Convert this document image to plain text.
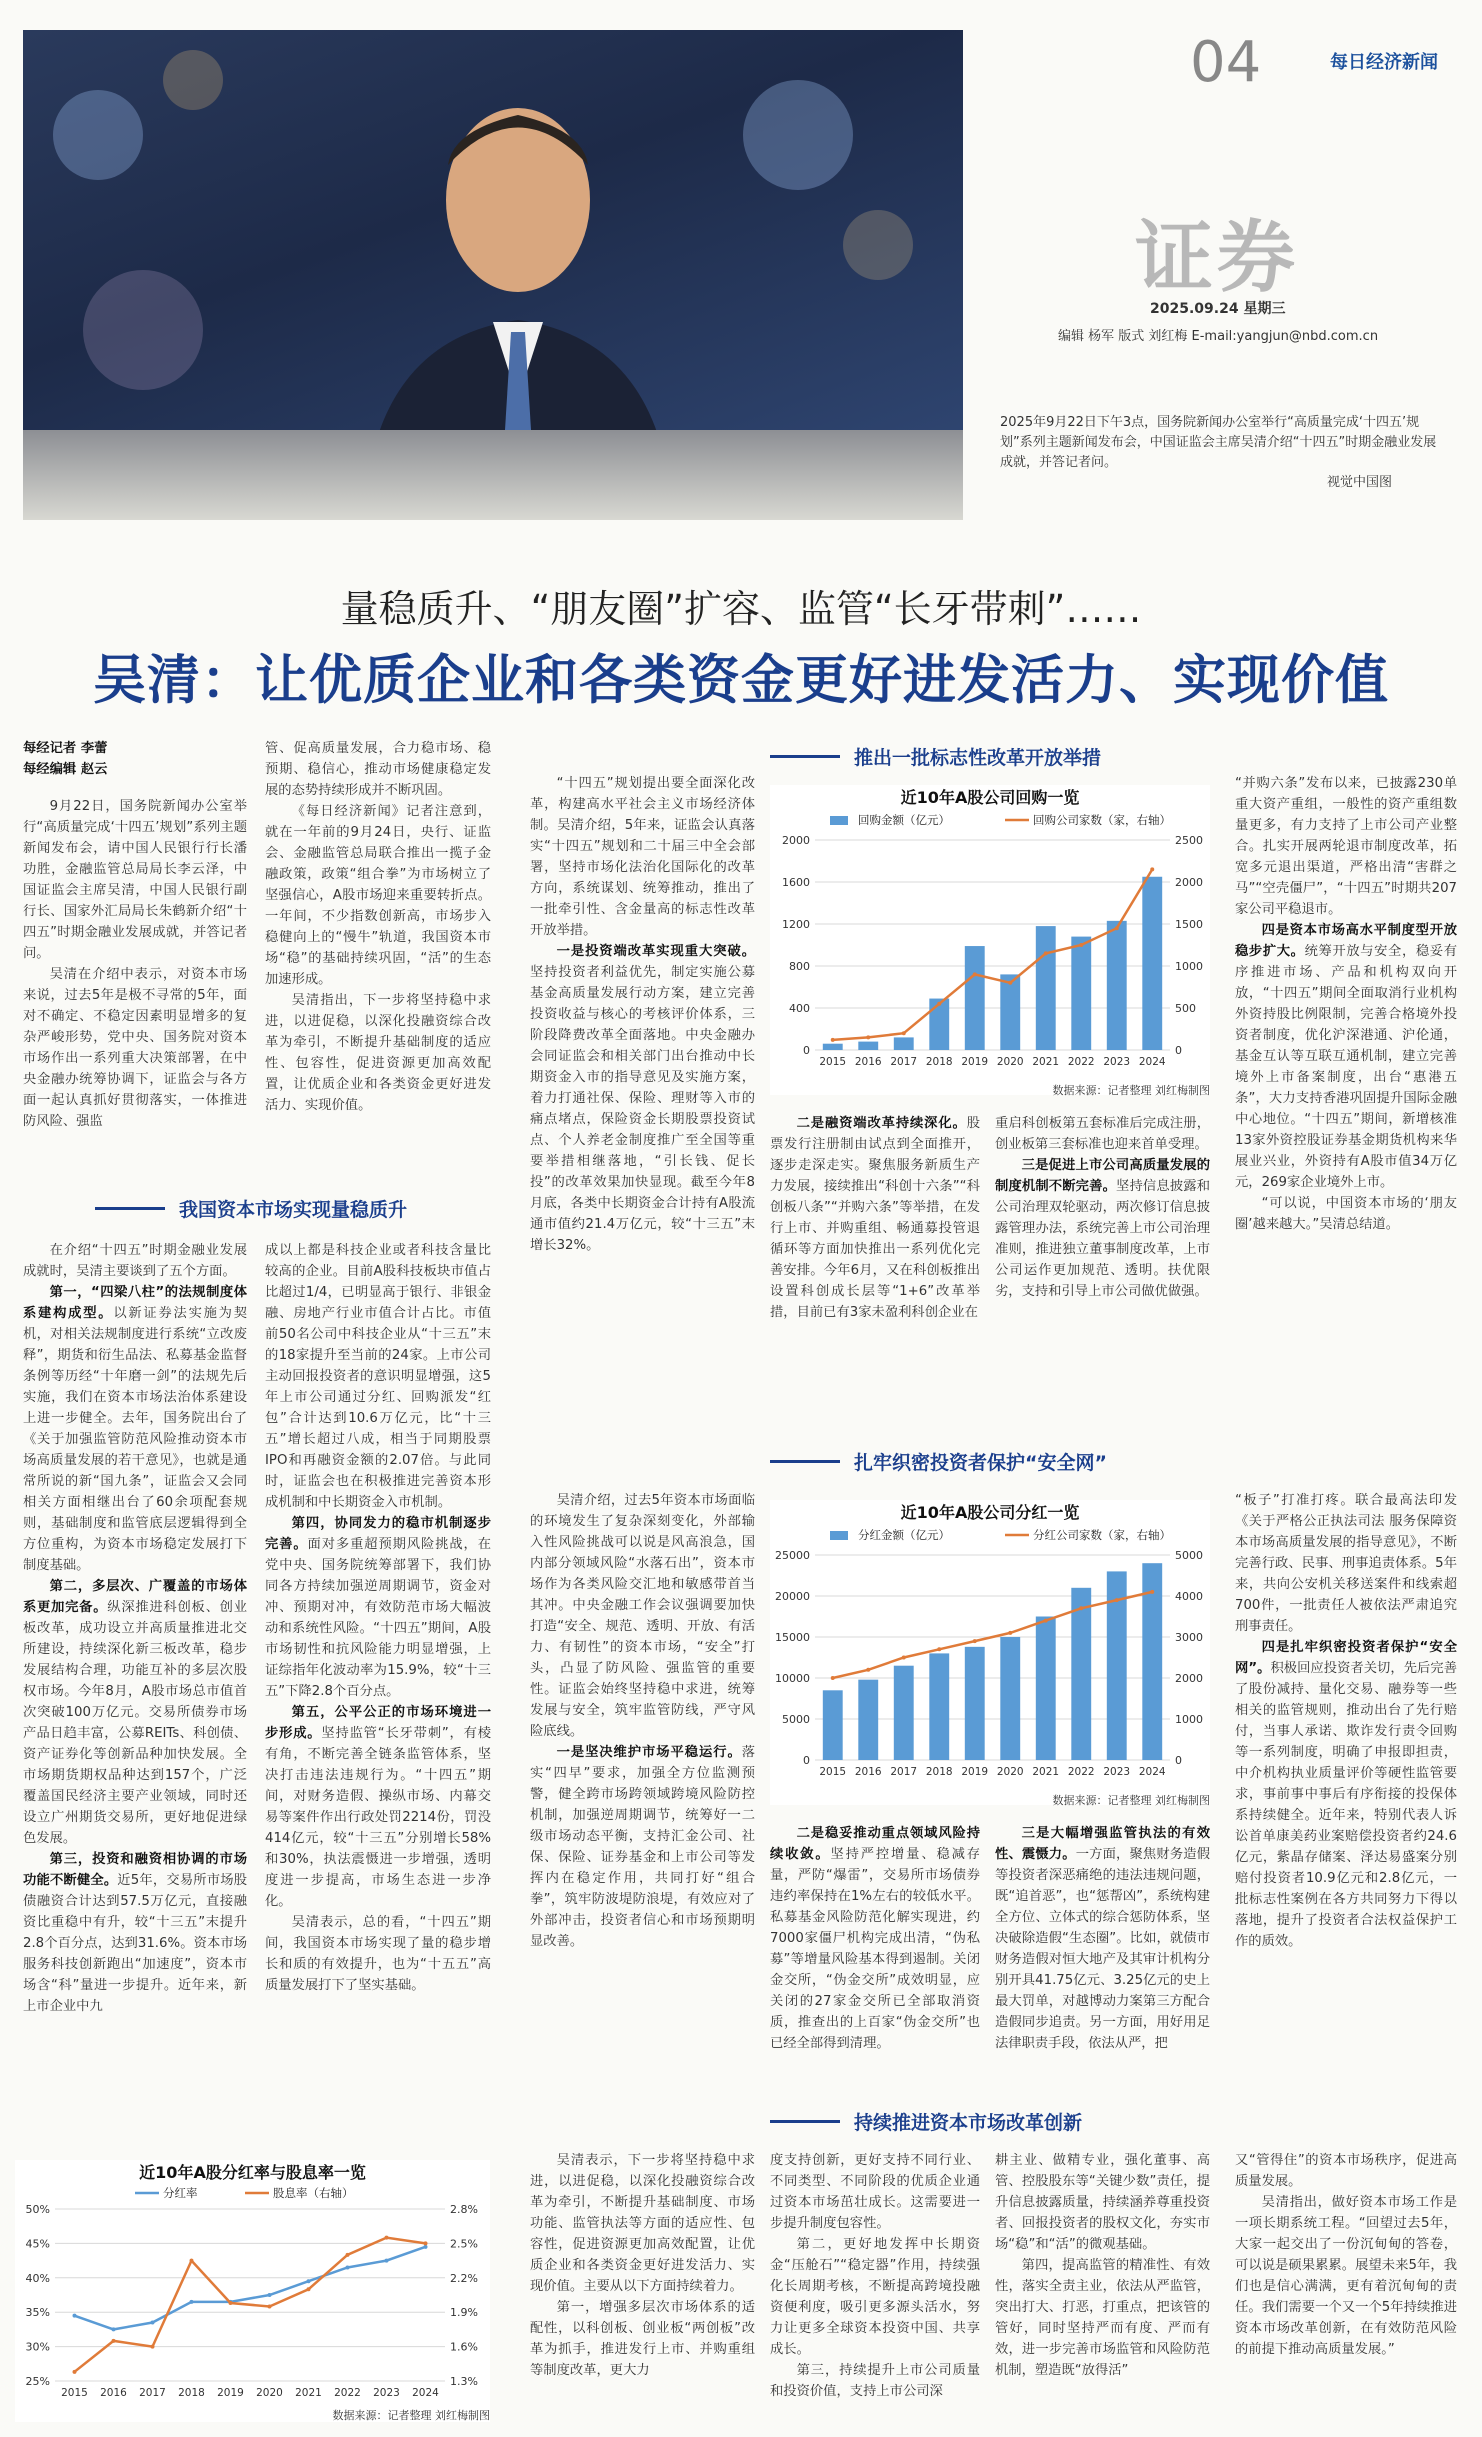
04	每日经济新闻
证券
2025.09.24 星期三
编辑 杨军 版式 刘红梅 E-mail:yangjun@nbd.com.cn
2025年9月22日下午3点，国务院新闻办公室举行“高质量完成‘十四五’规划”系列主题新闻发布会，中国证监会主席吴清介绍“十四五”时期金融业发展成就，并答记者问。
视觉中国图
量稳质升、“朋友圈”扩容、监管“长牙带刺”……
吴清：让优质企业和各类资金更好进发活力、实现价值

每经记者 李蕾

每经编辑 赵云

9月22日，国务院新闻办公室举行“高质量完成‘十四五’规划”系列主题新闻发布会，请中国人民银行行长潘功胜，金融监管总局局长李云泽，中国证监会主席吴清，中国人民银行副行长、国家外汇局局长朱鹤新介绍“十四五”时期金融业发展成就，并答记者问。

吴清在介绍中表示，对资本市场来说，过去5年是极不寻常的5年，面对不确定、不稳定因素明显增多的复杂严峻形势，党中央、国务院对资本市场作出一系列重大决策部署，在中央金融办统筹协调下，证监会与各方面一起认真抓好贯彻落实，一体推进防风险、强监

管、促高质量发展，合力稳市场、稳预期、稳信心，推动市场健康稳定发展的态势持续形成并不断巩固。

《每日经济新闻》记者注意到，就在一年前的9月24日，央行、证监会、金融监管总局联合推出一揽子金融政策，政策“组合拳”为市场树立了坚强信心，A股市场迎来重要转折点。一年间，不少指数创新高，市场步入稳健向上的“慢牛”轨道，我国资本市场“稳”的基础持续巩固，“活”的生态加速形成。

吴清指出，下一步将坚持稳中求进，以进促稳，以深化投融资综合改革为牵引，不断提升基础制度的适应性、包容性，促进资源更加高效配置，让优质企业和各类资金更好进发活力、实现价值。

我国资本市场实现量稳质升

在介绍“十四五”时期金融业发展成就时，吴清主要谈到了五个方面。

第一，“四梁八柱”的法规制度体系建构成型。以新证券法实施为契机，对相关法规制度进行系统“立改废释”，期货和衍生品法、私募基金监督条例等历经“十年磨一剑”的法规先后实施，我们在资本市场法治体系建设上进一步健全。去年，国务院出台了《关于加强监管防范风险推动资本市场高质量发展的若干意见》，也就是通常所说的新“国九条”，证监会又会同相关方面相继出台了60余项配套规则，基础制度和监管底层逻辑得到全方位重构，为资本市场稳定发展打下制度基础。

第二，多层次、广覆盖的市场体系更加完备。纵深推进科创板、创业板改革，成功设立并高质量推进北交所建设，持续深化新三板改革，稳步发展结构合理，功能互补的多层次股权市场。今年8月，A股市场总市值首次突破100万亿元。交易所债券市场产品日趋丰富，公募REITs、科创债、资产证券化等创新品种加快发展。全市场期货期权品种达到157个，广泛覆盖国民经济主要产业领域，同时还设立广州期货交易所，更好地促进绿色发展。

第三，投资和融资相协调的市场功能不断健全。近5年，交易所市场股债融资合计达到57.5万亿元，直接融资比重稳中有升，较“十三五”末提升2.8个百分点，达到31.6%。资本市场服务科技创新跑出“加速度”，资本市场含“科”量进一步提升。近年来，新上市企业中九

成以上都是科技企业或者科技含量比较高的企业。目前A股科技板块市值占比超过1/4，已明显高于银行、非银金融、房地产行业市值合计占比。市值前50名公司中科技企业从“十三五”末的18家提升至当前的24家。上市公司主动回报投资者的意识明显增强，这5年上市公司通过分红、回购派发“红包”合计达到10.6万亿元，比“十三五”增长超过八成，相当于同期股票IPO和再融资金额的2.07倍。与此同时，证监会也在积极推进完善资本形成机制和中长期资金入市机制。

第四，协同发力的稳市机制逐步完善。面对多重超预期风险挑战，在党中央、国务院统筹部署下，我们协同各方持续加强逆周期调节，资金对冲、预期对冲，有效防范市场大幅波动和系统性风险。“十四五”期间，A股市场韧性和抗风险能力明显增强，上证综指年化波动率为15.9%，较“十三五”下降2.8个百分点。

第五，公平公正的市场环境进一步形成。坚持监管“长牙带刺”，有棱有角，不断完善全链条监管体系，坚决打击违法违规行为。“十四五”期间，对财务造假、操纵市场、内幕交易等案件作出行政处罚2214份，罚没414亿元，较“十三五”分别增长58%和30%，执法震慑进一步增强，透明度进一步提高，市场生态进一步净化。

吴清表示，总的看，“十四五”期间，我国资本市场实现了量的稳步增长和质的有效提升，也为“十五五”高质量发展打下了坚实基础。

近10年A股分红率与股息率一览
25%	1.3%
30%	1.6%
35%	1.9%
40%	2.2%
45%	2.5%
50%	2.8%
2015 2016 2017 2018 2019 2020 2021 2022 2023 2024
分红率	股息率（右轴）
数据来源：记者整理 刘红梅制图
推出一批标志性改革开放举措

“十四五”规划提出要全面深化改革，构建高水平社会主义市场经济体制。吴清介绍，5年来，证监会认真落实“十四五”规划和二十届三中全会部署，坚持市场化法治化国际化的改革方向，系统谋划、统筹推动，推出了一批牵引性、含金量高的标志性改革开放举措。

一是投资端改革实现重大突破。坚持投资者利益优先，制定实施公募基金高质量发展行动方案，建立完善投资收益与核心的考核评价体系，三阶段降费改革全面落地。中央金融办会同证监会和相关部门出台推动中长期资金入市的指导意见及实施方案，着力打通社保、保险、理财等入市的痛点堵点，保险资金长期股票投资试点、个人养老金制度推广至全国等重要举措相继落地，“引长钱、促长投”的改革效果加快显现。截至今年8月底，各类中长期资金合计持有A股流通市值约21.4万亿元，较“十三五”末增长32%。

近10年A股公司回购一览
0	0
400	500
800	1000
1200	1500
1600	2000
2000	2500
2015 2016 2017 2018 2019 2020 2021 2022 2023 2024
回购金额（亿元）	回购公司家数（家，右轴）
数据来源：记者整理 刘红梅制图

二是融资端改革持续深化。股票发行注册制由试点到全面推开，逐步走深走实。聚焦服务新质生产力发展，接续推出“科创十六条”“科创板八条”“并购六条”等举措，在发行上市、并购重组、畅通募投管退循环等方面加快推出一系列优化完善安排。今年6月，又在科创板推出设置科创成长层等“1+6”改革举措，目前已有3家未盈利科创企业在

重启科创板第五套标准后完成注册，创业板第三套标准也迎来首单受理。

三是促进上市公司高质量发展的制度机制不断完善。坚持信息披露和公司治理双轮驱动，两次修订信息披露管理办法，系统完善上市公司治理准则，推进独立董事制度改革，上市公司运作更加规范、透明。扶优限劣，支持和引导上市公司做优做强。

“并购六条”发布以来，已披露230单重大资产重组，一般性的资产重组数量更多，有力支持了上市公司产业整合。扎实开展两轮退市制度改革，拓宽多元退出渠道，严格出清“害群之马”“空壳僵尸”，“十四五”时期共207家公司平稳退市。

四是资本市场高水平制度型开放稳步扩大。统筹开放与安全，稳妥有序推进市场、产品和机构双向开放，“十四五”期间全面取消行业机构外资持股比例限制，完善合格境外投资者制度，优化沪深港通、沪伦通，基金互认等互联互通机制，建立完善境外上市备案制度，出台“惠港五条”，大力支持香港巩固提升国际金融中心地位。“十四五”期间，新增核准13家外资控股证券基金期货机构来华展业兴业，外资持有A股市值34万亿元，269家企业境外上市。

“可以说，中国资本市场的‘朋友圈’越来越大。”吴清总结道。

扎牢织密投资者保护“安全网”

吴清介绍，过去5年资本市场面临的环境发生了复杂深刻变化，外部输入性风险挑战可以说是风高浪急，国内部分领域风险“水落石出”，资本市场作为各类风险交汇地和敏感带首当其冲。中央金融工作会议强调要加快打造“安全、规范、透明、开放、有活力、有韧性”的资本市场，“安全”打头，凸显了防风险、强监管的重要性。证监会始终坚持稳中求进，统筹发展与安全，筑牢监管防线，严守风险底线。

一是坚决维护市场平稳运行。落实“四早”要求，加强全方位监测预警，健全跨市场跨领域跨境风险防控机制，加强逆周期调节，统筹好一二级市场动态平衡，支持汇金公司、社保、保险、证券基金和上市公司等发挥内在稳定作用，共同打好“组合拳”，筑牢防波堤防浪堤，有效应对了外部冲击，投资者信心和市场预期明显改善。

近10年A股公司分红一览
0	0
5000	1000
10000	2000
15000	3000
20000	4000
25000	5000
2015 2016 2017 2018 2019 2020 2021 2022 2023 2024
分红金额（亿元）	分红公司家数（家，右轴）
数据来源：记者整理 刘红梅制图

二是稳妥推动重点领域风险持续收敛。坚持严控增量、稳减存量，严防“爆雷”，交易所市场债券违约率保持在1%左右的较低水平。私募基金风险防范化解实现进，约7000家僵尸机构完成出清，“伪私募”等增量风险基本得到遏制。关闭金交所，“伪金交所”成效明显，应关闭的27家金交所已全部取消资质，推查出的上百家“伪金交所”也已经全部得到清理。

三是大幅增强监管执法的有效性、震慑力。一方面，聚焦财务造假等投资者深恶痛绝的违法违规问题，既“追首恶”，也“惩帮凶”，系统构建全方位、立体式的综合惩防体系，坚决破除造假“生态圈”。比如，就债市财务造假对恒大地产及其审计机构分别开具41.75亿元、3.25亿元的史上最大罚单，对越博动力案第三方配合造假同步追责。另一方面，用好用足法律职责手段，依法从严，把

“板子”打准打疼。联合最高法印发《关于严格公正执法司法 服务保障资本市场高质量发展的指导意见》，不断完善行政、民事、刑事追责体系。5年来，共向公安机关移送案件和线索超700件，一批责任人被依法严肃追究刑事责任。

四是扎牢织密投资者保护“安全网”。积极回应投资者关切，先后完善了股份减持、量化交易、融券等一些相关的监管规则，推动出台了先行赔付，当事人承诺、欺诈发行责令回购等一系列制度，明确了申报即担责，中介机构执业质量评价等硬性监管要求，事前事中事后有序衔接的投保体系持续健全。近年来，特别代表人诉讼首单康美药业案赔偿投资者约24.6亿元，紫晶存储案、泽达易盛案分别赔付投资者10.9亿元和2.8亿元，一批标志性案例在各方共同努力下得以落地，提升了投资者合法权益保护工作的质效。

持续推进资本市场改革创新

吴清表示，下一步将坚持稳中求进，以进促稳，以深化投融资综合改革为牵引，不断提升基础制度、市场功能、监管执法等方面的适应性、包容性，促进资源更加高效配置，让优质企业和各类资金更好进发活力、实现价值。主要从以下方面持续着力。

第一，增强多层次市场体系的适配性，以科创板、创业板“两创板”改革为抓手，推进发行上市、并购重组等制度改革，更大力

度支持创新，更好支持不同行业、不同类型、不同阶段的优质企业通过资本市场茁壮成长。这需要进一步提升制度包容性。

第二，更好地发挥中长期资金“压舱石”“稳定器”作用，持续强化长周期考核，不断提高跨境投融资便利度，吸引更多源头活水，努力让更多全球资本投资中国、共享成长。

第三，持续提升上市公司质量和投资价值，支持上市公司深

耕主业、做精专业，强化董事、高管、控股股东等“关键少数”责任，提升信息披露质量，持续涵养尊重投资者、回报投资者的股权文化，夯实市场“稳”和“活”的微观基础。

第四，提高监管的精准性、有效性，落实全责主业，依法从严监管，突出打大、打恶，打重点，把该管的管好，同时坚持严而有度、严而有效，进一步完善市场监管和风险防范机制，塑造既“放得活”

又“管得住”的资本市场秩序，促进高质量发展。

吴清指出，做好资本市场工作是一项长期系统工程。“回望过去5年，大家一起交出了一份沉甸甸的答卷，可以说是硕果累累。展望未来5年，我们也是信心满满，更有着沉甸甸的责任。我们需要一个又一个5年持续推进资本市场改革创新，在有效防范风险的前提下推动高质量发展。”
